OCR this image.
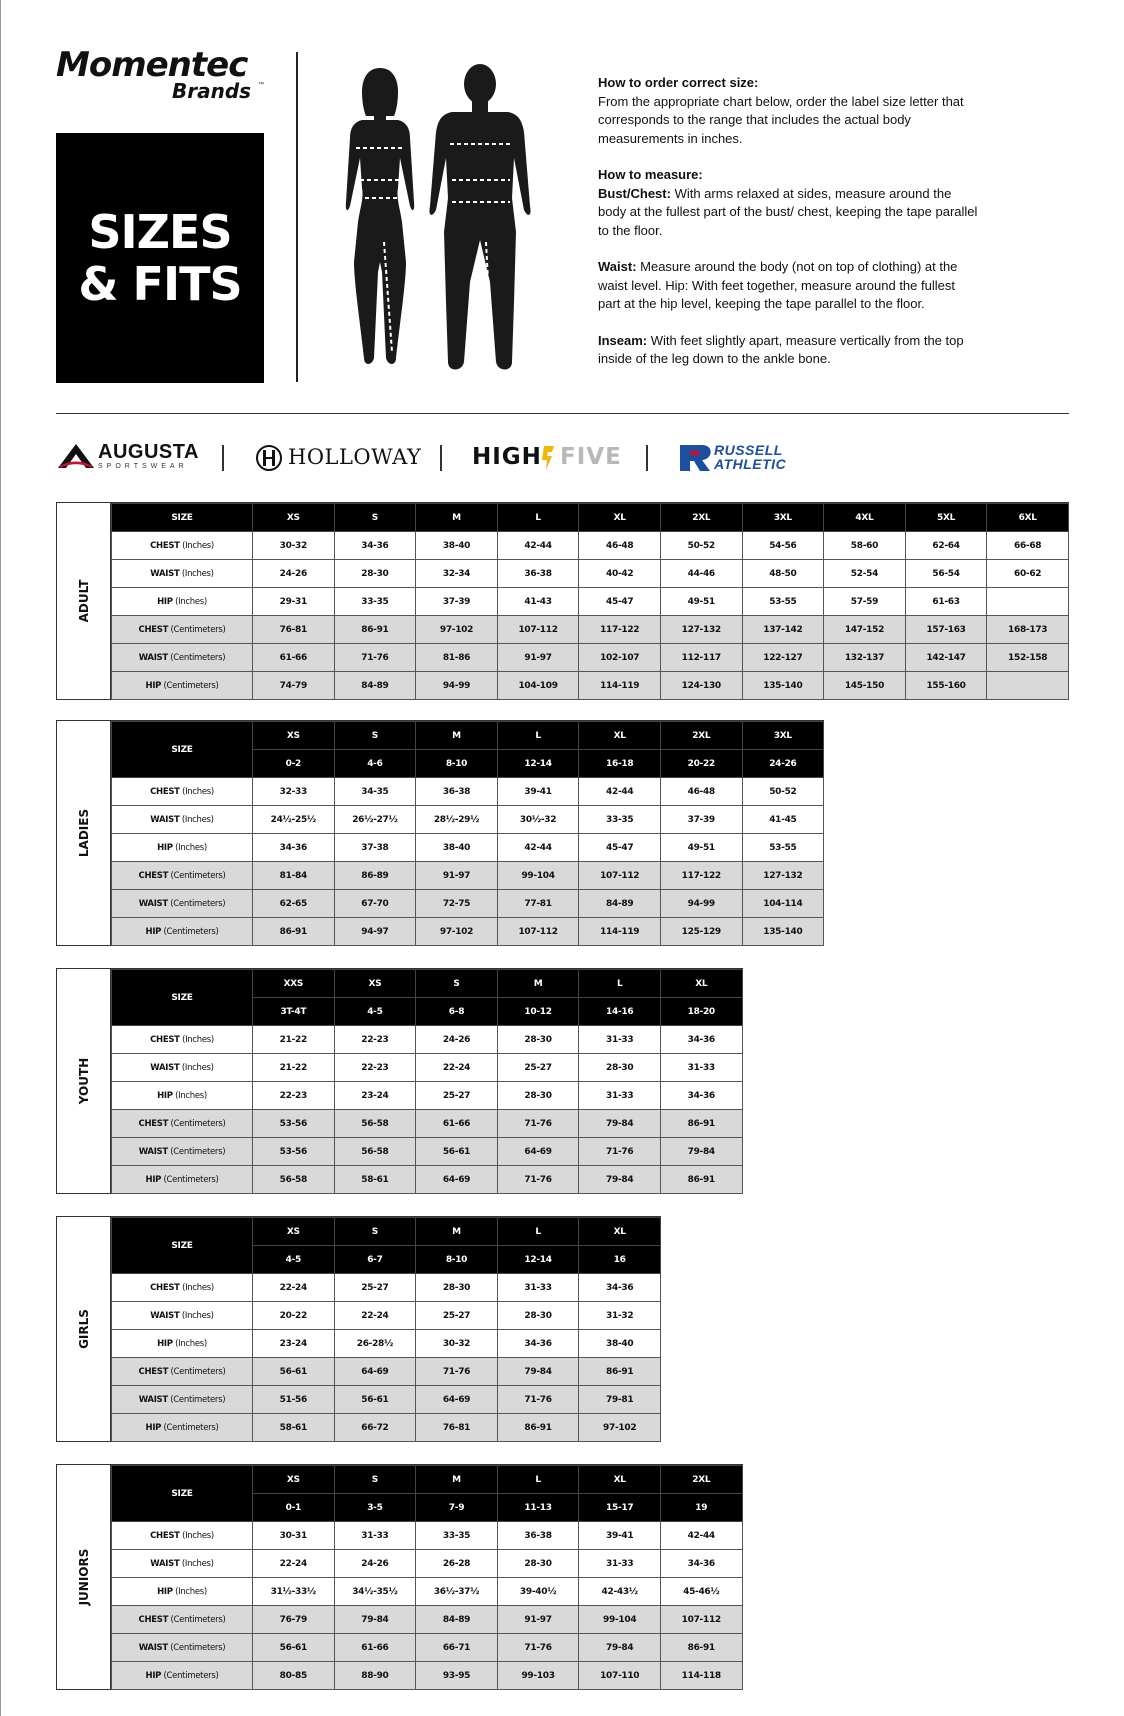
Momentec
Brands ™
SIZES
& FITS

How to order correct size:
From the appropriate chart below, order the label size letter that corresponds to the range that includes the actual body measurements in inches.

How to measure:
Bust/Chest: With arms relaxed at sides, measure around the body at the fullest part of the bust/ chest, keeping the tape parallel to the floor.

Waist: Measure around the body (not on top of clothing) at the waist level. Hip: With feet together, measure around the fullest part at the hip level, keeping the tape parallel to the floor.

Inseam: With feet slightly apart, measure vertically from the top inside of the leg down to the ankle bone.

AUGUSTA
SPORTSWEAR	HOLLOWAY HIGH FIVE	RUSSELL
ATHLETIC
ADULT
SIZE	XS	S	M	L	XL	2XL	3XL	4XL	5XL	6XL
CHEST (Inches)	30-32	34-36	38-40	42-44	46-48	50-52	54-56	58-60	62-64	66-68
WAIST (Inches)	24-26	28-30	32-34	36-38	40-42	44-46	48-50	52-54	56-54	60-62
HIP (Inches)	29-31	33-35	37-39	41-43	45-47	49-51	53-55	57-59	61-63	
CHEST (Centimeters)	76-81	86-91	97-102	107-112	117-122	127-132	137-142	147-152	157-163	168-173
WAIST (Centimeters)	61-66	71-76	81-86	91-97	102-107	112-117	122-127	132-137	142-147	152-158
HIP (Centimeters)	74-79	84-89	94-99	104-109	114-119	124-130	135-140	145-150	155-160	
LADIES
SIZE	XS	S	M	L	XL	2XL	3XL
	0-2	4-6	8-10	12-14	16-18	20-22	24-26
CHEST (Inches)	32-33	34-35	36-38	39-41	42-44	46-48	50-52
WAIST (Inches)	24½-25½	26½-27½	28½-29½	30½-32	33-35	37-39	41-45
HIP (Inches)	34-36	37-38	38-40	42-44	45-47	49-51	53-55
CHEST (Centimeters)	81-84	86-89	91-97	99-104	107-112	117-122	127-132
WAIST (Centimeters)	62-65	67-70	72-75	77-81	84-89	94-99	104-114
HIP (Centimeters)	86-91	94-97	97-102	107-112	114-119	125-129	135-140
YOUTH
SIZE	XXS	XS	S	M	L	XL
	3T-4T	4-5	6-8	10-12	14-16	18-20
CHEST (Inches)	21-22	22-23	24-26	28-30	31-33	34-36
WAIST (Inches)	21-22	22-23	22-24	25-27	28-30	31-33
HIP (Inches)	22-23	23-24	25-27	28-30	31-33	34-36
CHEST (Centimeters)	53-56	56-58	61-66	71-76	79-84	86-91
WAIST (Centimeters)	53-56	56-58	56-61	64-69	71-76	79-84
HIP (Centimeters)	56-58	58-61	64-69	71-76	79-84	86-91
GIRLS
SIZE	XS	S	M	L	XL
	4-5	6-7	8-10	12-14	16
CHEST (Inches)	22-24	25-27	28-30	31-33	34-36
WAIST (Inches)	20-22	22-24	25-27	28-30	31-32
HIP (Inches)	23-24	26-28½	30-32	34-36	38-40
CHEST (Centimeters)	56-61	64-69	71-76	79-84	86-91
WAIST (Centimeters)	51-56	56-61	64-69	71-76	79-81
HIP (Centimeters)	58-61	66-72	76-81	86-91	97-102
JUNIORS
SIZE	XS	S	M	L	XL	2XL
	0-1	3-5	7-9	11-13	15-17	19
CHEST (Inches)	30-31	31-33	33-35	36-38	39-41	42-44
WAIST (Inches)	22-24	24-26	26-28	28-30	31-33	34-36
HIP (Inches)	31½-33½	34½-35½	36½-37½	39-40½	42-43½	45-46½
CHEST (Centimeters)	76-79	79-84	84-89	91-97	99-104	107-112
WAIST (Centimeters)	56-61	61-66	66-71	71-76	79-84	86-91
HIP (Centimeters)	80-85	88-90	93-95	99-103	107-110	114-118
